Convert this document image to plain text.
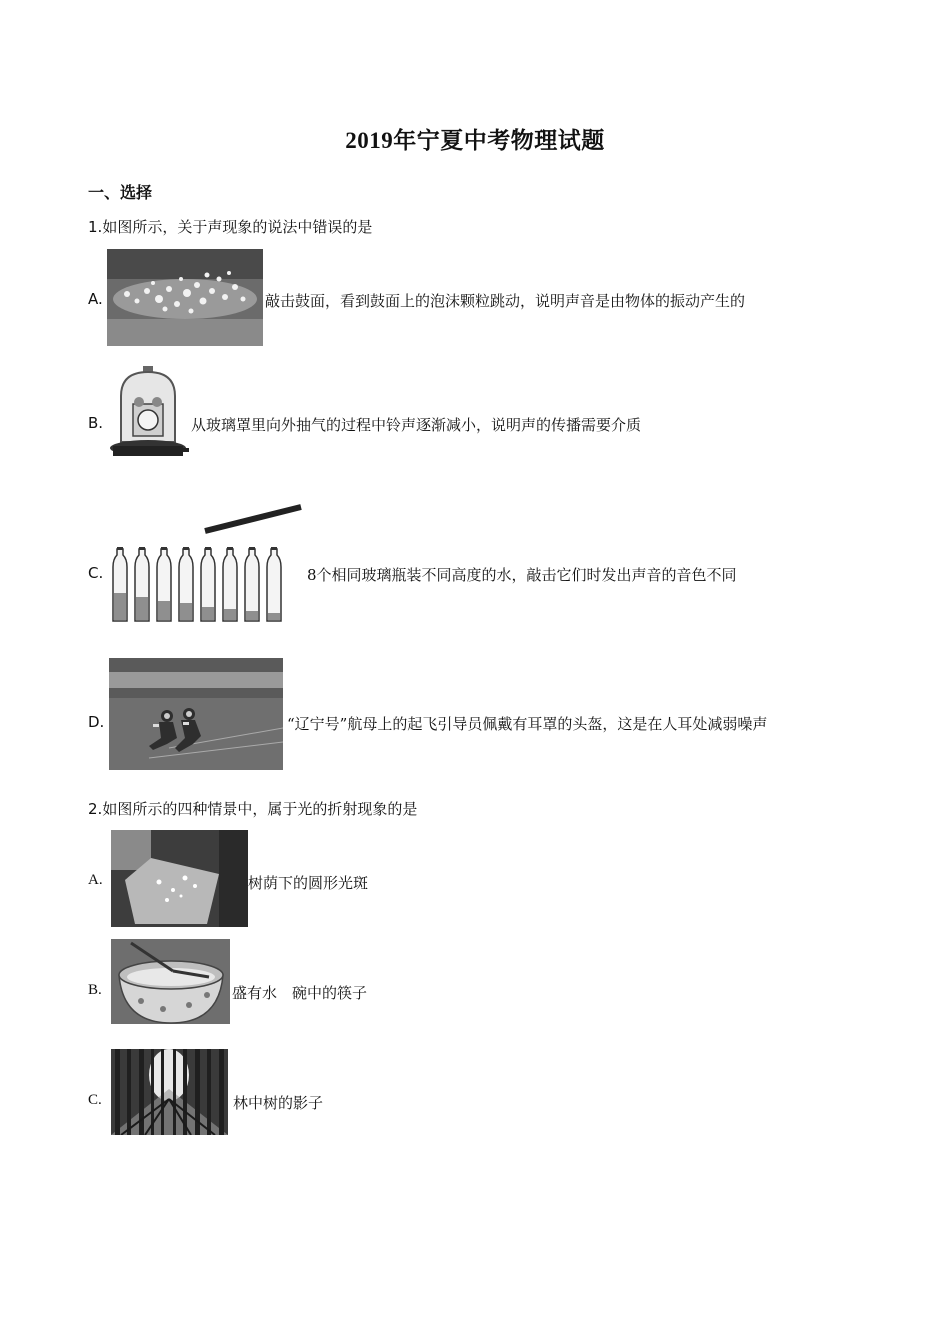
2019年宁夏中考物理试题
一、选择
1.如图所示，关于声现象的说法中错误的是
A.	敲击鼓面，看到鼓面上的泡沫颗粒跳动，说明声音是由物体的振动产生的
B.	从玻璃罩里向外抽气的过程中铃声逐渐减小，说明声的传播需要介质
C.	8个相同玻璃瓶装不同高度的水，敲击它们时发出声音的音色不同
D.	“辽宁号”航母上的起飞引导员佩戴有耳罩的头盔，这是在人耳处减弱噪声
2.如图所示的四种情景中，属于光的折射现象的是
A.	树荫下的圆形光斑
B.	盛有水　碗中的筷子
C.	林中树的影子
